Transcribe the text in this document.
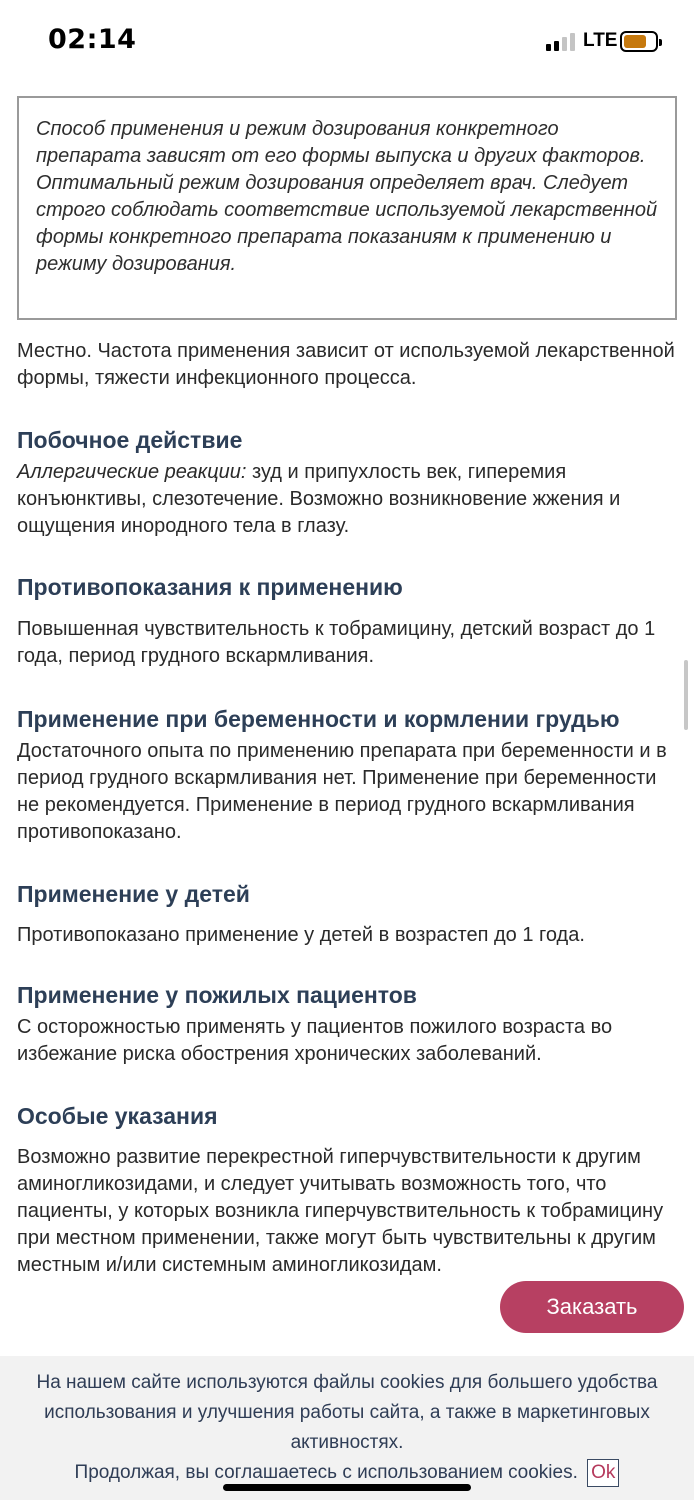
02:14	LTE
Способ применения и режим дозирования конкретного препарата зависят от его формы выпуска и других факторов. Оптимальный режим дозирования определяет врач. Следует строго соблюдать соответствие используемой лекарственной формы конкретного препарата показаниям к применению и режиму дозирования.

Местно. Частота применения зависит от используемой лекарственной формы, тяжести инфекционного процесса.

Побочное действие

Аллергические реакции: зуд и припухлость век, гиперемия конъюнктивы, слезотечение. Возможно возникновение жжения и ощущения инородного тела в глазу.

Противопоказания к применению

Повышенная чувствительность к тобрамицину, детский возраст до 1 года, период грудного вскармливания.

Применение при беременности и кормлении грудью

Достаточного опыта по применению препарата при беременности и в период грудного вскармливания нет. Применение при беременности не рекомендуется. Применение в период грудного вскармливания противопоказано.

Применение у детей

Противопоказано применение у детей в возрастеп до 1 года.

Применение у пожилых пациентов

С осторожностью применять у пациентов пожилого возраста во избежание риска обострения хронических заболеваний.

Особые указания

Возможно развитие перекрестной гиперчувствительности к другим аминогликозидами, и следует учитывать возможность того, что пациенты, у которых возникла гиперчувствительность к тобрамицину при местном применении, также могут быть чувствительны к другим местным и/или системным аминогликозидам.

Заказать
На нашем сайте используются файлы cookies для большего удобства использования и улучшения работы сайта, а также в маркетинговых активностях.
Продолжая, вы соглашаетесь с использованием cookies. Ok
